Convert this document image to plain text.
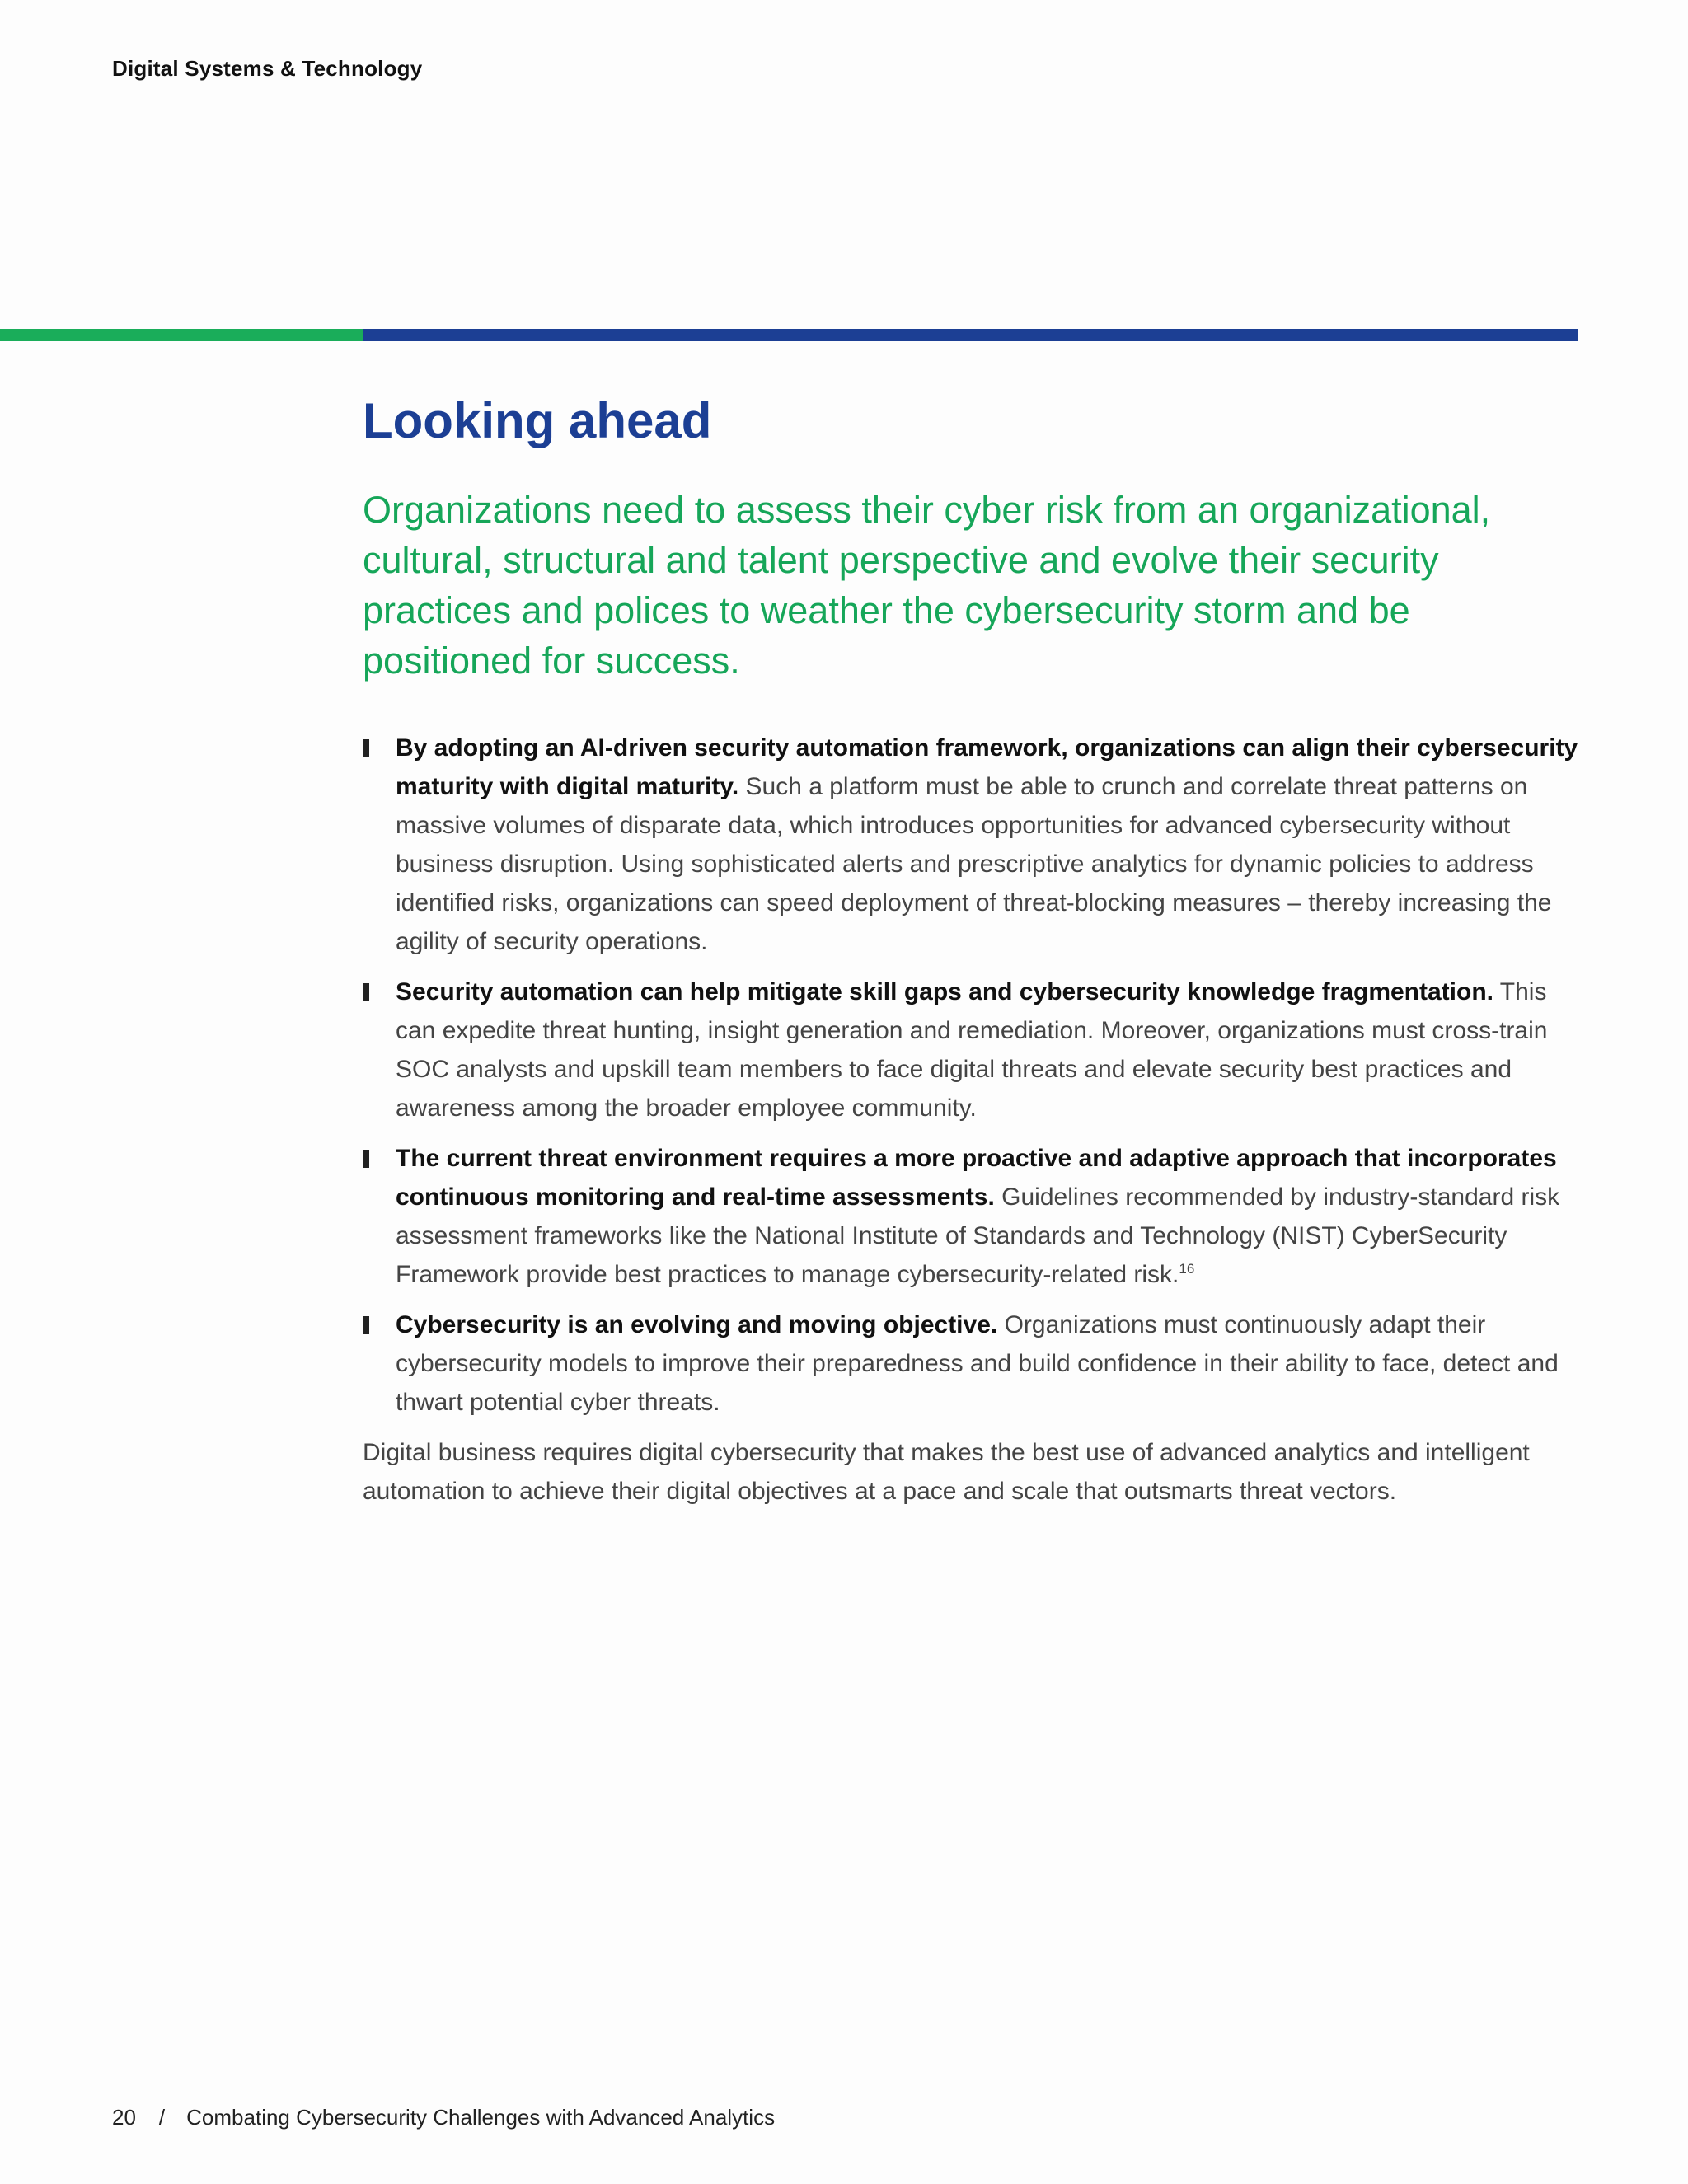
Digital Systems & Technology
Looking ahead

Organizations need to assess their cyber risk from an organizational, cultural, structural and talent perspective and evolve their security practices and polices to weather the cybersecurity storm and be positioned for success.

By adopting an AI-driven security automation framework, organizations can align their cybersecurity maturity with digital maturity. Such a platform must be able to crunch and correlate threat patterns on massive volumes of disparate data, which introduces opportunities for advanced cybersecurity without business disruption. Using sophisticated alerts and prescriptive analytics for dynamic policies to address identified risks, organizations can speed deployment of threat-blocking measures – thereby increasing the agility of security operations.
Security automation can help mitigate skill gaps and cybersecurity knowledge fragmentation. This can expedite threat hunting, insight generation and remediation. Moreover, organizations must cross-train SOC analysts and upskill team members to face digital threats and elevate security best practices and awareness among the broader employee community.
The current threat environment requires a more proactive and adaptive approach that incorporates continuous monitoring and real-time assessments. Guidelines recommended by industry-standard risk assessment frameworks like the National Institute of Standards and Technology (NIST) CyberSecurity Framework provide best practices to manage cybersecurity-related risk.$^{16}$
Cybersecurity is an evolving and moving objective. Organizations must continuously adapt their cybersecurity models to improve their preparedness and build confidence in their ability to face, detect and thwart potential cyber threats.

Digital business requires digital cybersecurity that makes the best use of advanced analytics and intelligent automation to achieve their digital objectives at a pace and scale that outsmarts threat vectors.

20 / Combating Cybersecurity Challenges with Advanced Analytics
